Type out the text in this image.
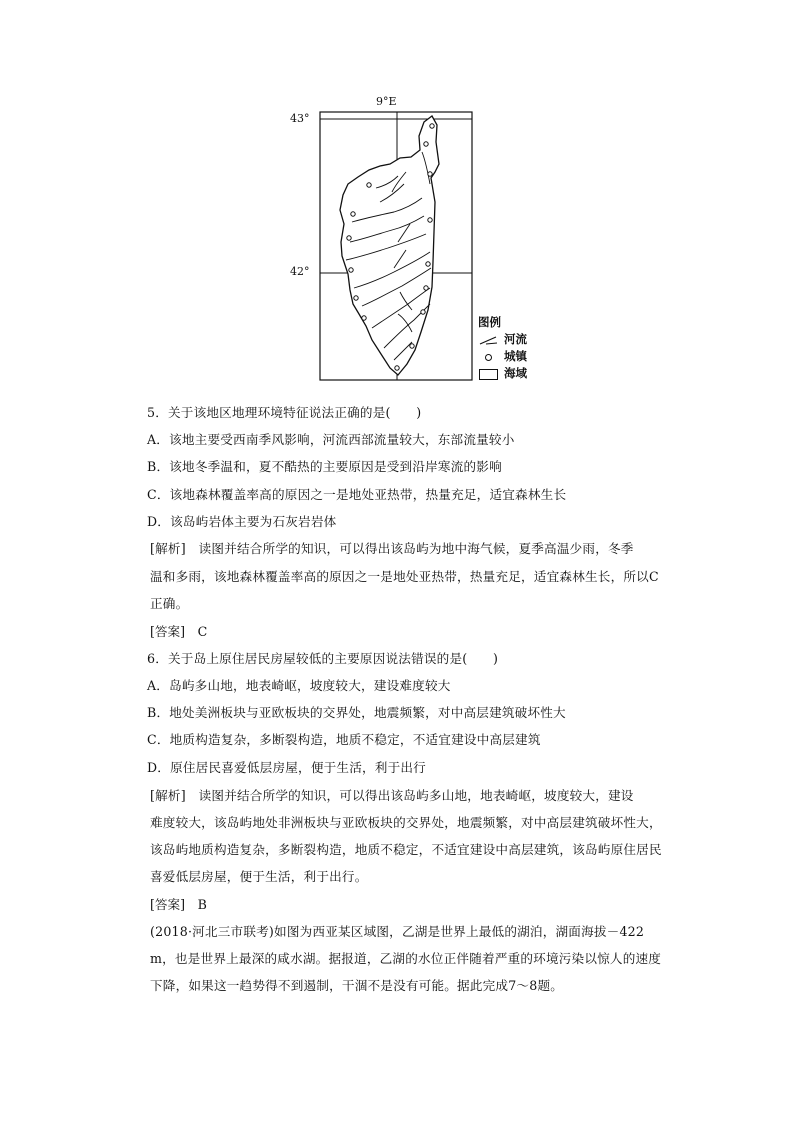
9°E
43°
42°
图例
河流
城镇
海域
5．关于该地区地理环境特征说法正确的是(　　)
A．该地主要受西南季风影响，河流西部流量较大，东部流量较小
B．该地冬季温和，夏不酷热的主要原因是受到沿岸寒流的影响
C．该地森林覆盖率高的原因之一是地处亚热带，热量充足，适宜森林生长
D．该岛屿岩体主要为石灰岩岩体
[解析]　读图并结合所学的知识，可以得出该岛屿为地中海气候，夏季高温少雨，冬季
温和多雨，该地森林覆盖率高的原因之一是地处亚热带，热量充足，适宜森林生长，所以C
正确。
[答案]　C
6．关于岛上原住居民房屋较低的主要原因说法错误的是(　　)
A．岛屿多山地，地表崎岖，坡度较大，建设难度较大
B．地处美洲板块与亚欧板块的交界处，地震频繁，对中高层建筑破坏性大
C．地质构造复杂，多断裂构造，地质不稳定，不适宜建设中高层建筑
D．原住居民喜爱低层房屋，便于生活，利于出行
[解析]　读图并结合所学的知识，可以得出该岛屿多山地，地表崎岖，坡度较大，建设
难度较大，该岛屿地处非洲板块与亚欧板块的交界处，地震频繁，对中高层建筑破坏性大，
该岛屿地质构造复杂，多断裂构造，地质不稳定，不适宜建设中高层建筑，该岛屿原住居民
喜爱低层房屋，便于生活，利于出行。
[答案]　B
(2018·河北三市联考)如图为西亚某区域图，乙湖是世界上最低的湖泊，湖面海拔－422
m，也是世界上最深的咸水湖。据报道，乙湖的水位正伴随着严重的环境污染以惊人的速度
下降，如果这一趋势得不到遏制，干涸不是没有可能。据此完成7～8题。
